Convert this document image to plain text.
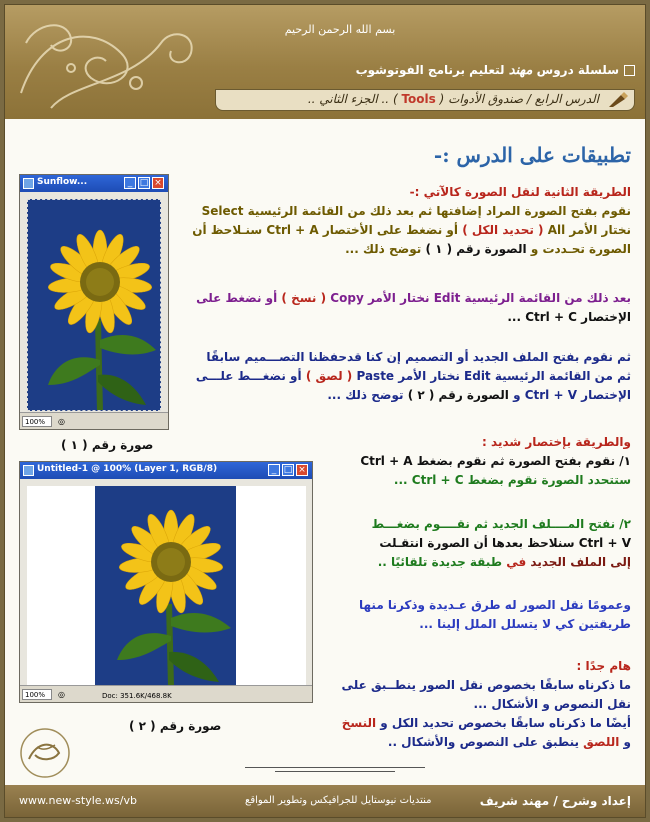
بسم الله الرحمن الرحيم
سلسلة دروس مهند لتعليم برنامج الفوتوشوب
الدرس الرابع / صندوق الأدوات ( Tools ) .. الجزء الثاني ..
تطبيقات على الدرس :-
الطريقة الثانية لنقل الصورة كالآتي :-
نقوم بفتح الصورة المراد إضافتها ثم بعد ذلك من القائمة الرئيسية Select
نختار الأمر All ( تحديد الكل ) أو نضغط على الأختصار Ctrl + A سنـلاحظ أن
الصورة تحـددت و الصورة رقم ( ١ ) توضح ذلك ...
بعد ذلك من القائمة الرئيسية Edit نختار الأمر Copy ( نسخ ) أو نضغط على
الإختصار Ctrl + C ...
ثم نقوم بفتح الملف الجديد أو التصميم إن كنا قدحفظنا التصـــميم سابقًا
ثم من القائمة الرئيسية Edit نختار الأمر Paste ( لصق ) أو نضغـــط علـــى
الإختصار Ctrl + V و الصورة رقم ( ٢ ) توضح ذلك ...
والطريقة بإختصار شديد :
١/ نقوم بفتح الصورة ثم نقوم بضغط Ctrl + A
ستتحدد الصورة نقوم بضغط Ctrl + C ...
٢/ نفتح المــــلف الجديد ثم نقــــوم بضغـــط
Ctrl + V سنلاحظ بعدها أن الصورة انتقـلت
إلى الملف الجديد في طبقة جديدة تلقائيًا ..
وعمومًا نقل الصور له طرق عـديدة وذكرنا منها
طريقتين كي لا يتسلل الملل إلينا ...
هام جدًا :
ما ذكرناه سابقًا بخصوص نقل الصور ينطــبق على
نقل النصوص و الأشكال ...
أيضًا ما ذكرناه سابقًا بخصوص تحديد الكل و النسخ
و اللصق ينطبق على النصوص والأشكال ..
Sunflow...	_ □ ×
100%	◎
صورة رقم ( ١ )
Untitled-1 @ 100% (Layer 1, RGB/8)	_ □ ×
100%	◎	Doc: 351.6K/468.8K
صورة رقم ( ٢ )
www.new-style.ws/vb	منتديات نيوستايل للجرافيكس وتطوير المواقع	إعداد وشرح / مهند شريف
